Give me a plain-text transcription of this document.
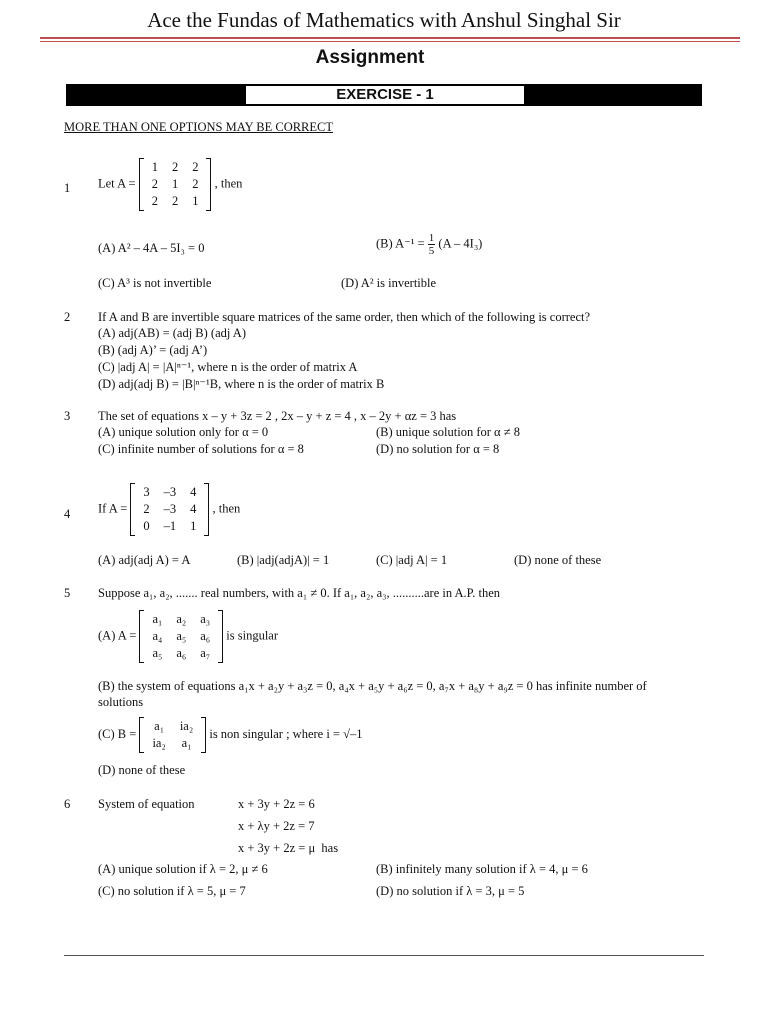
Ace the Fundas of Mathematics with Anshul Singhal Sir
Assignment
EXERCISE - 1
MORE THAN ONE OPTIONS MAY BE CORRECT
1 Let A =
1	2	2
2	1	2
2	2	1
, then
(A) A² – 4A – 5I₃ = 0	(B) $A^{-1} = \frac{1}{5} (A - 4I_3)$
(C) A³ is not invertible	(D) A² is invertible
2 If A and B are invertible square matrices of the same order, then which of the following is correct?
(A) adj(AB) = (adj B) (adj A)
(B) (adj A)’ = (adj A’)
(C) |adj A| = |A|ⁿ⁻¹, where n is the order of matrix A
(D) adj(adj B) = |B|ⁿ⁻¹B, where n is the order of matrix B
3 The set of equations x – y + 3z = 2 , 2x – y + z = 4 , x – 2y + αz = 3 has
(A) unique solution only for α = 0	(B) unique solution for α ≠ 8
(C) infinite number of solutions for α = 8	(D) no solution for α = 8
4 If A =
3	–3	4
2	–3	4
0	–1	1
, then
(A) adj(adj A) = A	(B) |adj(adjA)| = 1	(C) |adj A| = 1	(D) none of these
5 Suppose a₁, a₂, ....... real numbers, with a₁ ≠ 0. If a₁, a₂, a₃, ..........are in A.P. then
(A) A =
a₁	a₂	a₃
a₄	a₅	a₆
a₅	a₆	a₇
is singular
(B) the system of equations a₁x + a₂y + a₃z = 0, a₄x + a₅y + a₆z = 0, a₇x + a₈y + a₉z = 0 has infinite number of
solutions
(C) B =
a₁	ia₂
ia₂	a₁
is non singular ; where i = √–1
(D) none of these
6 System of equation	x + 3y + 2z = 6
x + λy + 2z = 7
x + 3y + 2z = μ has
(A) unique solution if λ = 2, μ ≠ 6	(B) infinitely many solution if λ = 4, μ = 6
(C) no solution if λ = 5, μ = 7	(D) no solution if λ = 3, μ = 5
